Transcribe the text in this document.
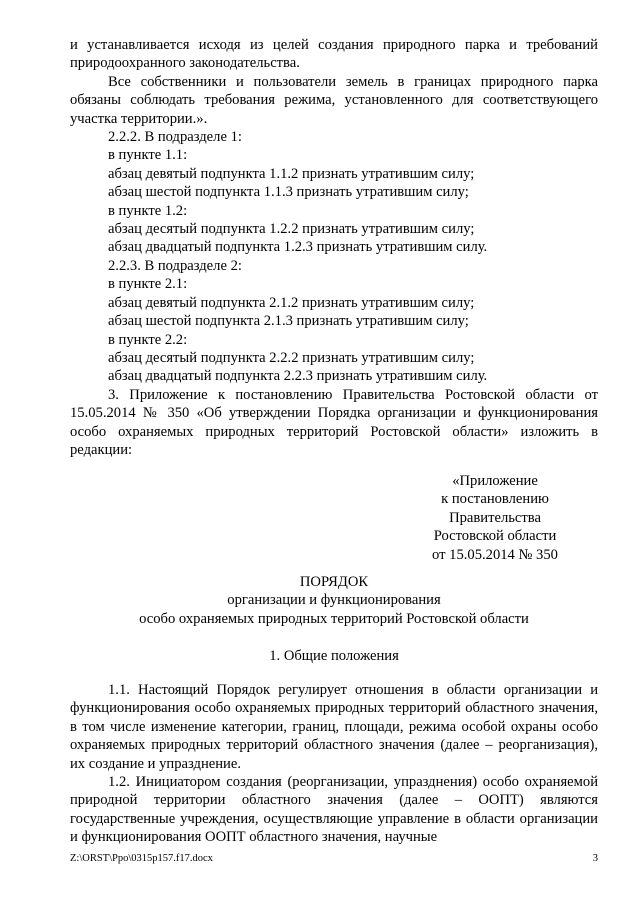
и устанавливается исходя из целей создания природного парка и требований природоохранного законодательства.

Все собственники и пользователи земель в границах природного парка обязаны соблюдать требования режима, установленного для соответствующего участка территории.».

2.2.2. В подразделе 1:

в пункте 1.1:

абзац девятый подпункта 1.1.2 признать утратившим силу;

абзац шестой подпункта 1.1.3 признать утратившим силу;

в пункте 1.2:

абзац десятый подпункта 1.2.2 признать утратившим силу;

абзац двадцатый подпункта 1.2.3 признать утратившим силу.

2.2.3. В подразделе 2:

в пункте 2.1:

абзац девятый подпункта 2.1.2 признать утратившим силу;

абзац шестой подпункта 2.1.3 признать утратившим силу;

в пункте 2.2:

абзац десятый подпункта 2.2.2 признать утратившим силу;

абзац двадцатый подпункта 2.2.3 признать утратившим силу.

3. Приложение к постановлению Правительства Ростовской области от 15.05.2014 № 350 «Об утверждении Порядка организации и функционирования особо охраняемых природных территорий Ростовской области» изложить в редакции:

«Приложение

к постановлению

Правительства

Ростовской области

от 15.05.2014 № 350

ПОРЯДОК

организации и функционирования

особо охраняемых природных территорий Ростовской области

1. Общие положения

1.1. Настоящий Порядок регулирует отношения в области организации и функционирования особо охраняемых природных территорий областного значения, в том числе изменение категории, границ, площади, режима особой охраны особо охраняемых природных территорий областного значения (далее – реорганизация), их создание и упразднение.

1.2. Инициатором создания (реорганизации, упразднения) особо охраняемой природной территории областного значения (далее – ООПТ) являются государственные учреждения, осуществляющие управление в области организации и функционирования ООПТ областного значения, научные

Z:\ORST\Ppo\0315p157.f17.docx	3
